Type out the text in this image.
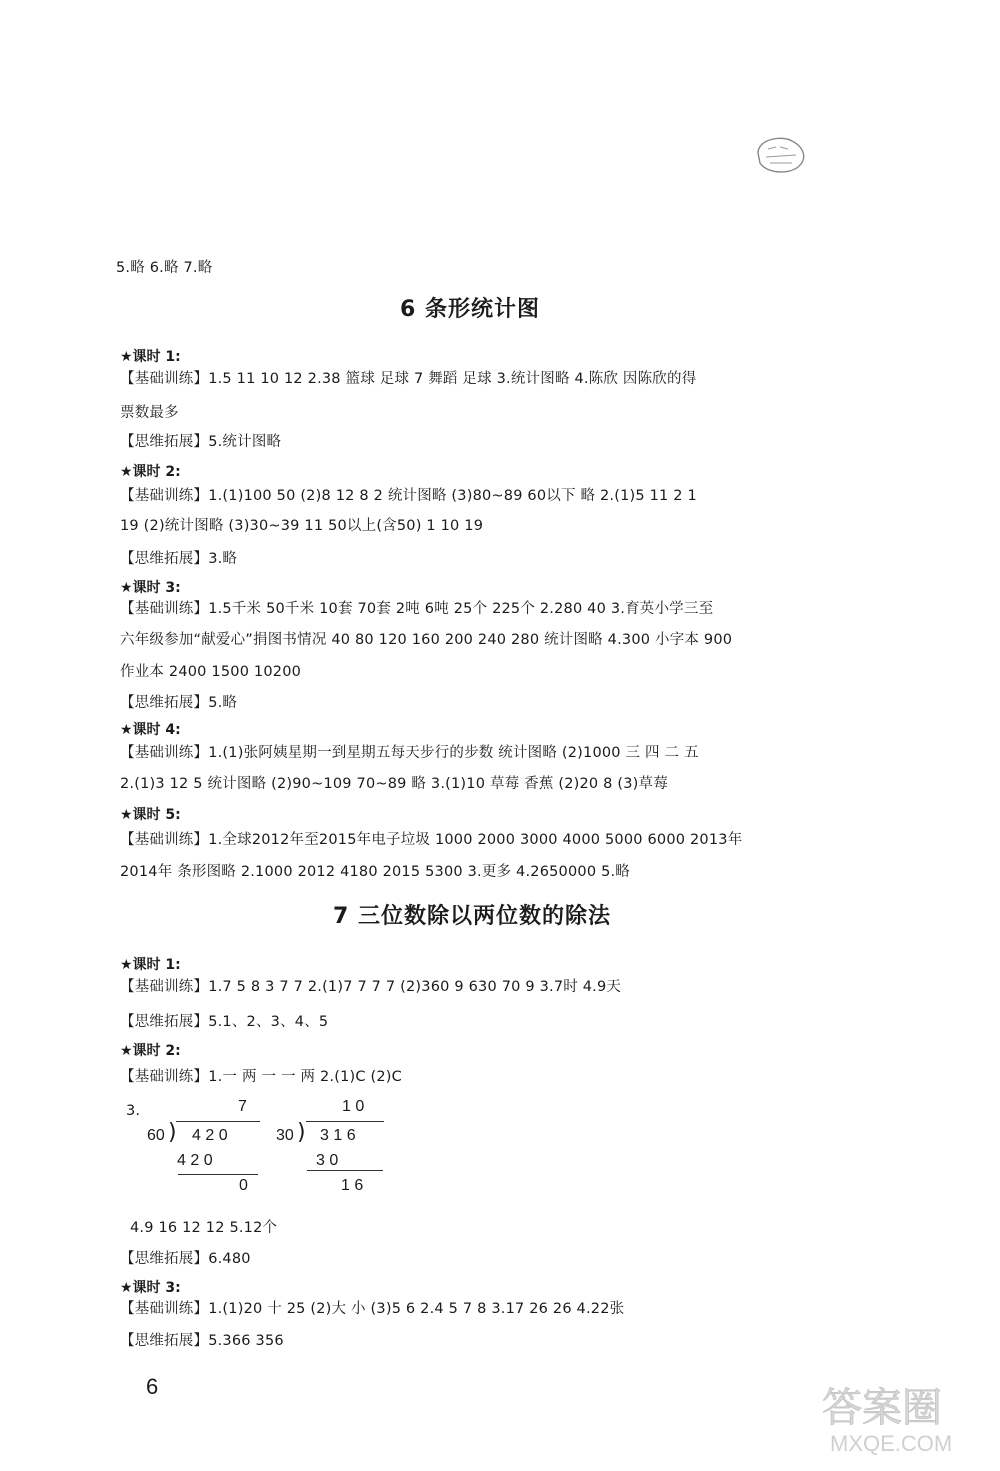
5.略 6.略 7.略
6 条形统计图
★课时 1:
【基础训练】1.5 11 10 12 2.38 篮球 足球 7 舞蹈 足球 3.统计图略 4.陈欣 因陈欣的得
票数最多
【思维拓展】5.统计图略
★课时 2:
【基础训练】1.(1)100 50 (2)8 12 8 2 统计图略 (3)80~89 60以下 略 2.(1)5 11 2 1
19 (2)统计图略 (3)30~39 11 50以上(含50) 1 10 19
【思维拓展】3.略
★课时 3:
【基础训练】1.5千米 50千米 10套 70套 2吨 6吨 25个 225个 2.280 40 3.育英小学三至
六年级参加“献爱心”捐图书情况 40 80 120 160 200 240 280 统计图略 4.300 小字本 900
作业本 2400 1500 10200
【思维拓展】5.略
★课时 4:
【基础训练】1.(1)张阿姨星期一到星期五每天步行的步数 统计图略 (2)1000 三 四 二 五
2.(1)3 12 5 统计图略 (2)90~109 70~89 略 3.(1)10 草莓 香蕉 (2)20 8 (3)草莓
★课时 5:
【基础训练】1.全球2012年至2015年电子垃圾 1000 2000 3000 4000 5000 6000 2013年
2014年 条形图略 2.1000 2012 4180 2015 5300 3.更多 4.2650000 5.略
7 三位数除以两位数的除法
★课时 1:
【基础训练】1.7 5 8 3 7 7 2.(1)7 7 7 7 (2)360 9 630 70 9 3.7时 4.9天
【思维拓展】5.1、2、3、4、5
★课时 2:
【基础训练】1.一 两 一 一 两 2.(1)C (2)C
3.	7
60 ) 4 2 0
4 2 0
0
1 0
30 ) 3 1 6
3 0
1 6
4.9 16 12 12 5.12个
【思维拓展】6.480
★课时 3:
【基础训练】1.(1)20 十 25 (2)大 小 (3)5 6 2.4 5 7 8 3.17 26 26 4.22张
【思维拓展】5.366 356
6	答案圈
MXQE.COM
